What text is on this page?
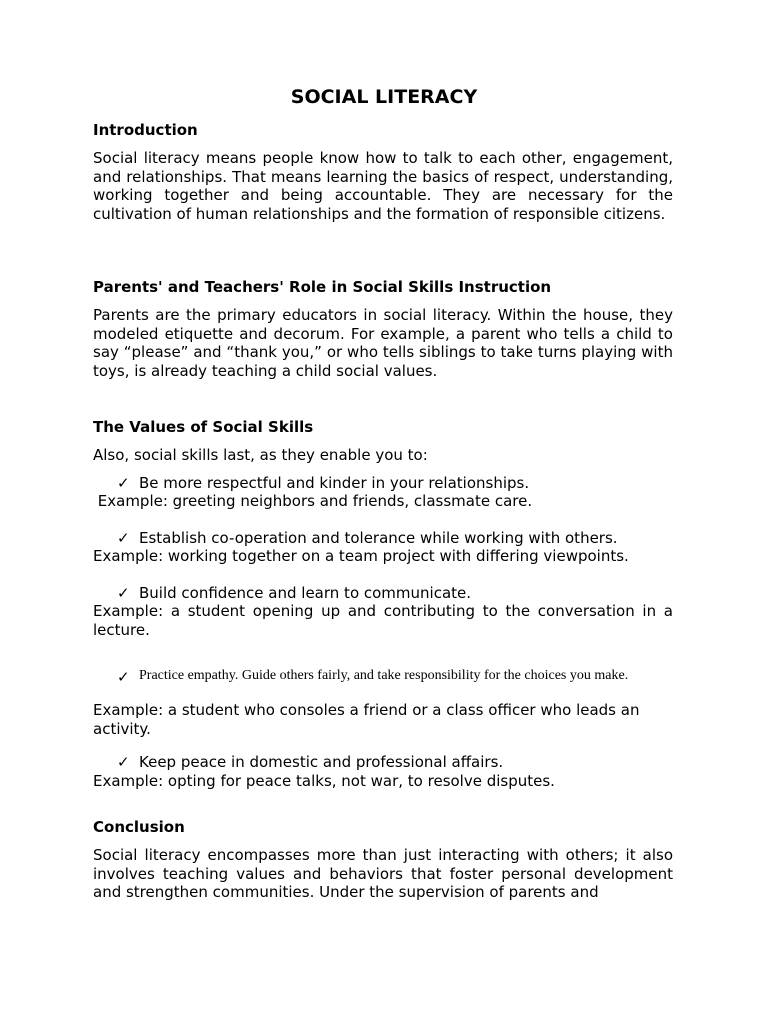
SOCIAL LITERACY
Introduction

Social literacy means people know how to talk to each other, engagement, and relationships. That means learning the basics of respect, understanding, working together and being accountable. They are necessary for the cultivation of human relationships and the formation of responsible citizens.

Parents' and Teachers' Role in Social Skills Instruction

Parents are the primary educators in social literacy. Within the house, they modeled etiquette and decorum. For example, a parent who tells a child to say “please” and “thank you,” or who tells siblings to take turns playing with toys, is already teaching a child social values.

The Values of Social Skills

Also, social skills last, as they enable you to:

✓ Be more respectful and kinder in your relationships.

Example: greeting neighbors and friends, classmate care.

✓ Establish co-operation and tolerance while working with others.

Example: working together on a team project with differing viewpoints.

✓ Build confidence and learn to communicate.

Example: a student opening up and contributing to the conversation in a lecture.

✓ Practice empathy. Guide others fairly, and take responsibility for the choices you make.

Example: a student who consoles a friend or a class officer who leads an activity.

✓ Keep peace in domestic and professional affairs.

Example: opting for peace talks, not war, to resolve disputes.

Conclusion

Social literacy encompasses more than just interacting with others; it also involves teaching values and behaviors that foster personal development and strengthen communities. Under the supervision of parents and
